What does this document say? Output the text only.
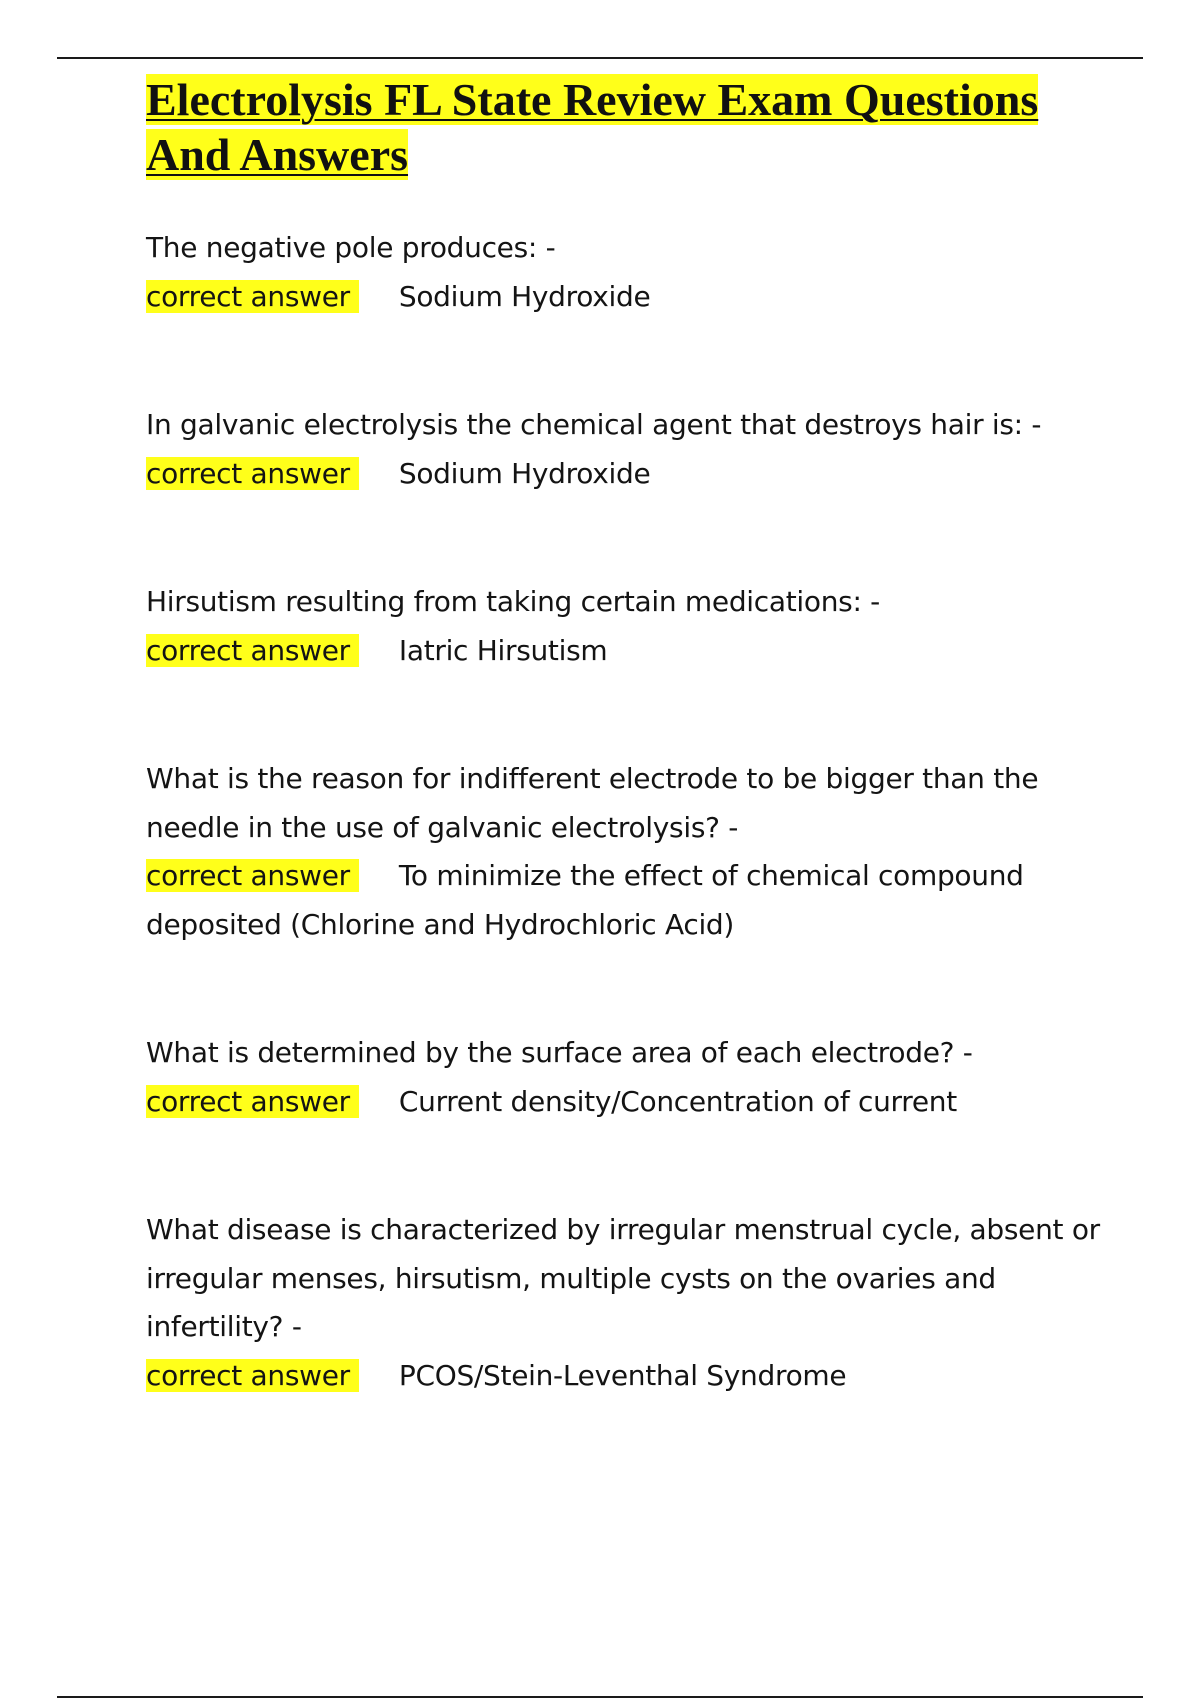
Electrolysis FL State Review Exam Questions And Answers

The negative pole produces: -

correct answer Sodium Hydroxide

In galvanic electrolysis the chemical agent that destroys hair is: -

correct answer Sodium Hydroxide

Hirsutism resulting from taking certain medications: -

correct answer Iatric Hirsutism

What is the reason for indifferent electrode to be bigger than the needle in the use of galvanic electrolysis? -

correct answer To minimize the effect of chemical compound deposited (Chlorine and Hydrochloric Acid)

What is determined by the surface area of each electrode? -

correct answer Current density/Concentration of current

What disease is characterized by irregular menstrual cycle, absent or irregular menses, hirsutism, multiple cysts on the ovaries and infertility? -

correct answer PCOS/Stein-Leventhal Syndrome
